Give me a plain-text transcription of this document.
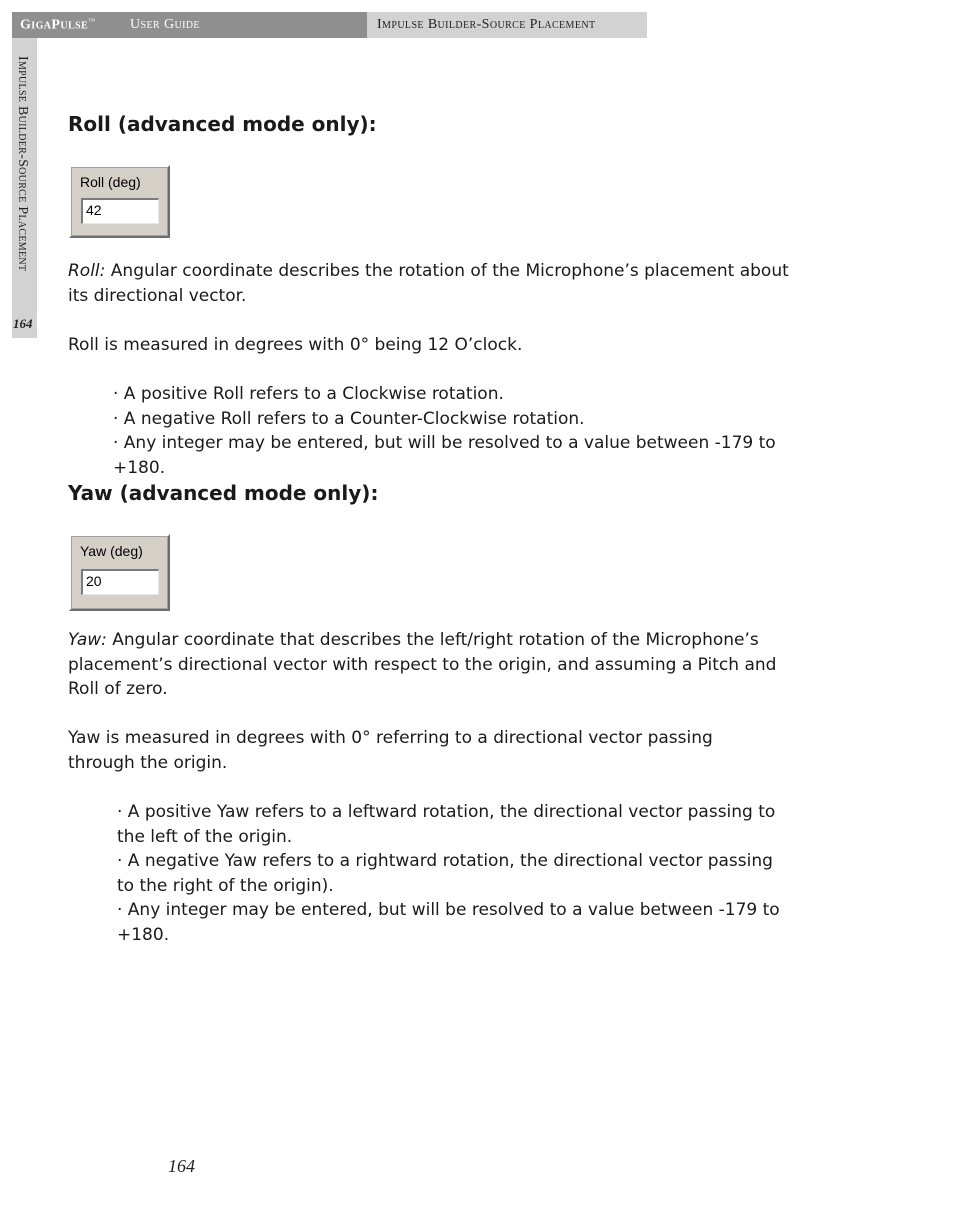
GigaPulse™ User Guide	Impulse Builder-Source Placement
Impulse Builder-Source Placement
164
Roll (advanced mode only):
Roll (deg)
42

Roll: Angular coordinate describes the rotation of the Microphone’s placement about its directional vector.

Roll is measured in degrees with 0° being 12 O’clock.

· A positive Roll refers to a Clockwise rotation.
· A negative Roll refers to a Counter-Clockwise rotation.
· Any integer may be entered, but will be resolved to a value between -179 to +180.
Yaw (advanced mode only):
Yaw (deg)
20

Yaw: Angular coordinate that describes the left/right rotation of the Microphone’s placement’s directional vector with respect to the origin, and assuming a Pitch and Roll of zero.

Yaw is measured in degrees with 0° referring to a directional vector passing through the origin.

· A positive Yaw refers to a leftward rotation, the directional vector passing to the left of the origin.
· A negative Yaw refers to a rightward rotation, the directional vector passing to the right of the origin).
· Any integer may be entered, but will be resolved to a value between -179 to +180.
164
